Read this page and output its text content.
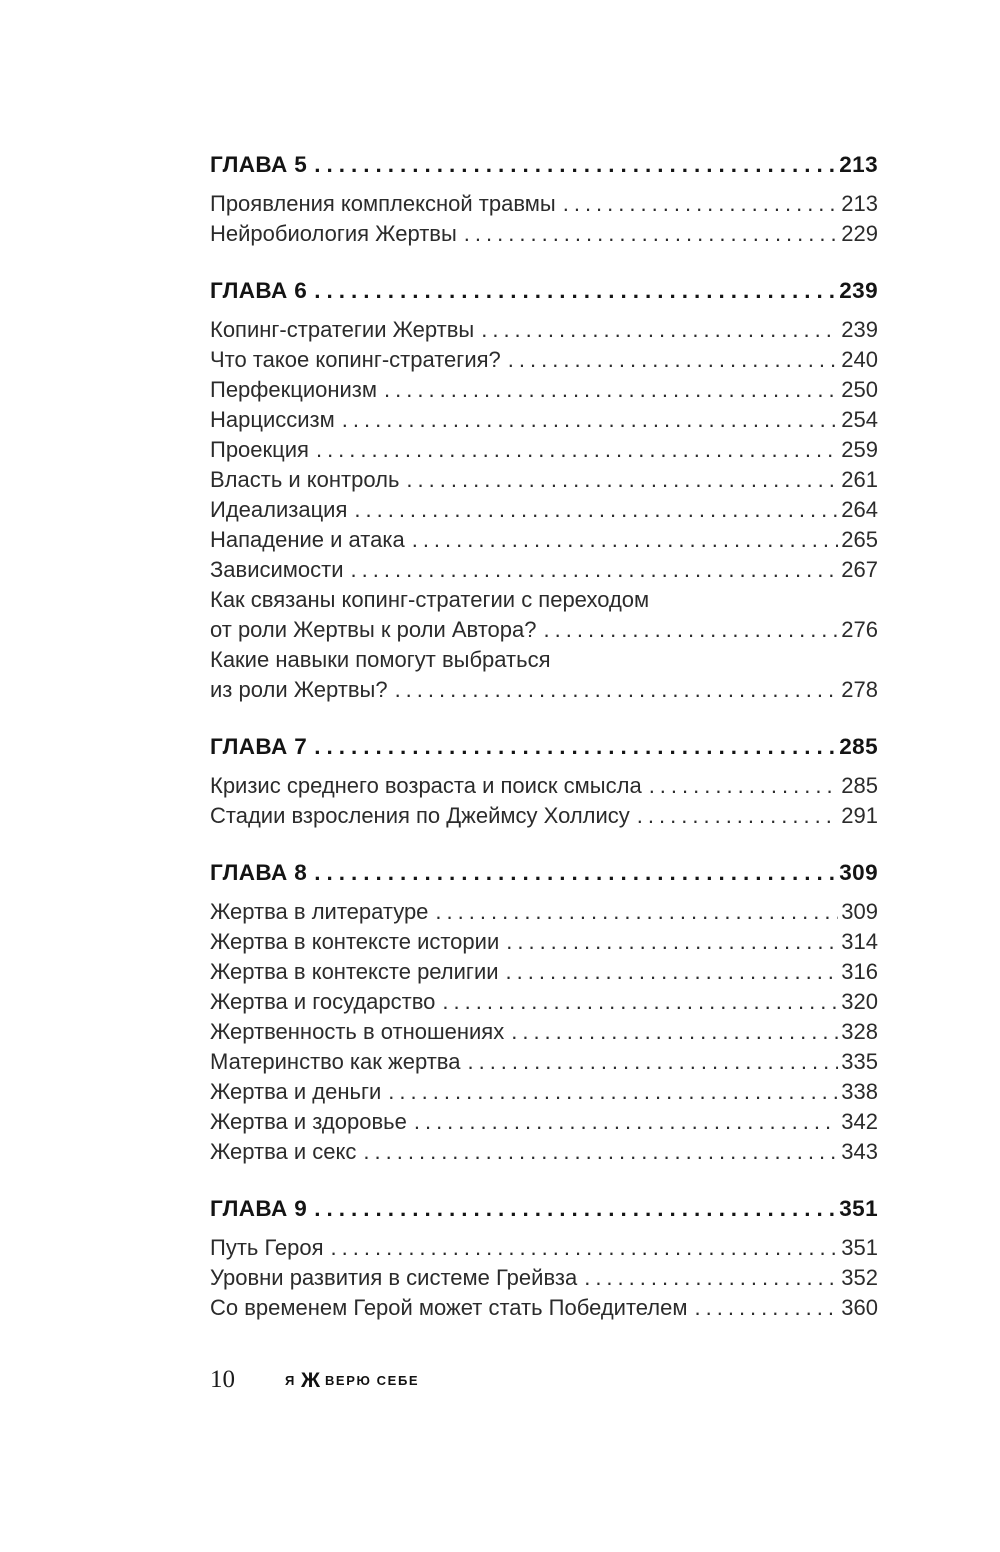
ГЛАВА 5 .....	213
Проявления комплексной травмы .....	213
Нейробиология Жертвы .....	229
ГЛАВА 6 .....	239
Копинг-стратегии Жертвы .....	239
Что такое копинг-стратегия? .....	240
Перфекционизм .....	250
Нарциссизм .....	254
Проекция .....	259
Власть и контроль .....	261
Идеализация .....	264
Нападение и атака .....	265
Зависимости .....	267
Как связаны копинг-стратегии с переходом
от роли Жертвы к роли Автора? .....	276
Какие навыки помогут выбраться
из роли Жертвы? .....	278
ГЛАВА 7 .....	285
Кризис среднего возраста и поиск смысла .....	285
Стадии взросления по Джеймсу Холлису .....	291
ГЛАВА 8 .....	309
Жертва в литературе .....	309
Жертва в контексте истории .....	314
Жертва в контексте религии .....	316
Жертва и государство .....	320
Жертвенность в отношениях .....	328
Материнство как жертва .....	335
Жертва и деньги .....	338
Жертва и здоровье .....	342
Жертва и секс .....	343
ГЛАВА 9 .....	351
Путь Героя .....	351
Уровни развития в системе Грейвза .....	352
Со временем Герой может стать Победителем .....	360
10	Я Ж ВЕРЮ СЕБЕ
